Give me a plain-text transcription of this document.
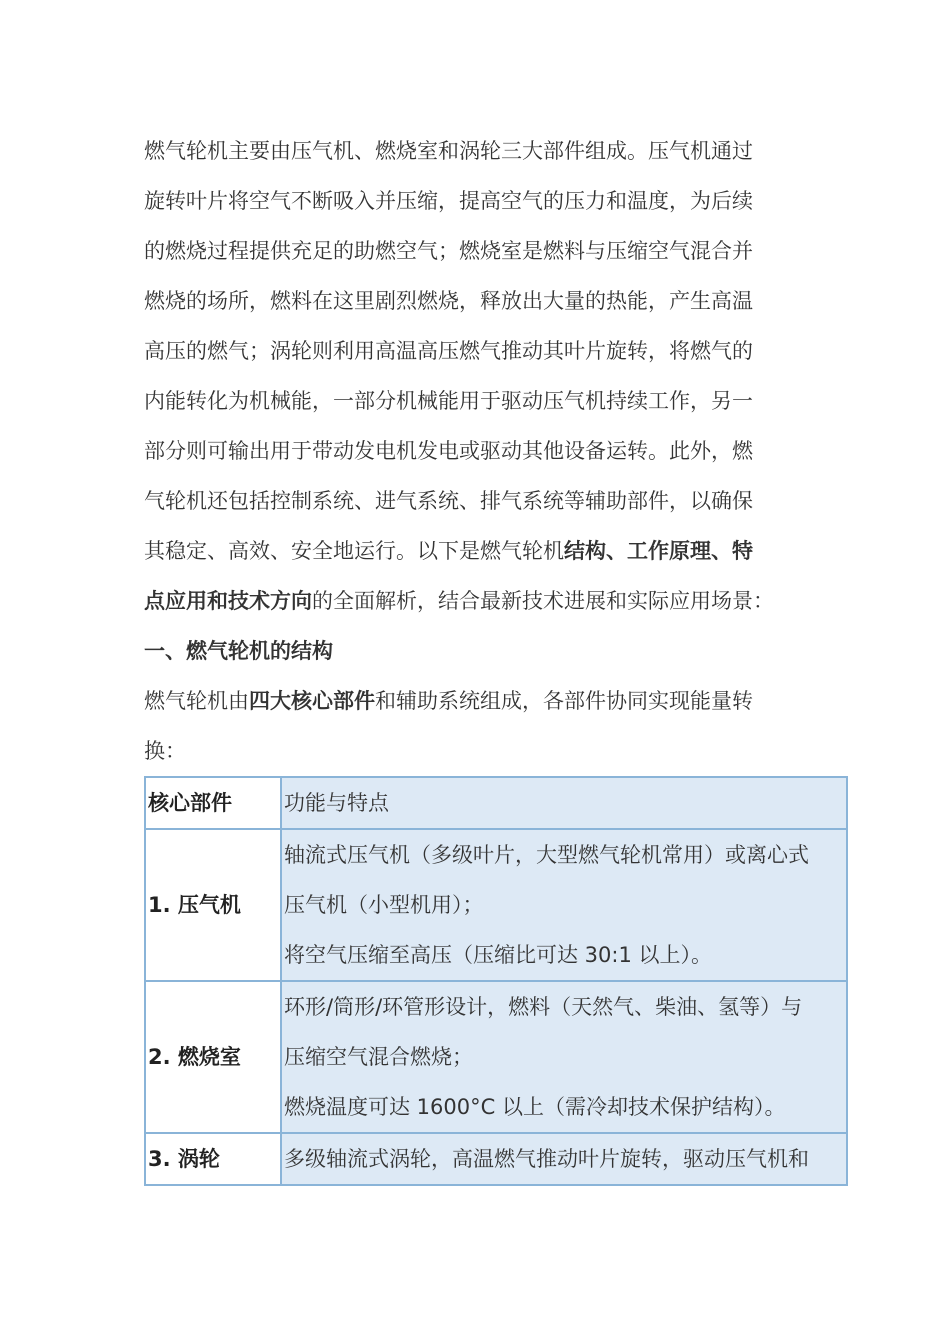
燃气轮机主要由压气机、燃烧室和涡轮三大部件组成。压气机通过
旋转叶片将空气不断吸入并压缩，提高空气的压力和温度，为后续
的燃烧过程提供充足的助燃空气；燃烧室是燃料与压缩空气混合并
燃烧的场所，燃料在这里剧烈燃烧，释放出大量的热能，产生高温
高压的燃气；涡轮则利用高温高压燃气推动其叶片旋转，将燃气的
内能转化为机械能，一部分机械能用于驱动压气机持续工作，另一
部分则可输出用于带动发电机发电或驱动其他设备运转。此外，燃
气轮机还包括控制系统、进气系统、排气系统等辅助部件，以确保
其稳定、高效、安全地运行。以下是燃气轮机结构、工作原理、特
点应用和技术方向的全面解析，结合最新技术进展和实际应用场景：

一、燃气轮机的结构

燃气轮机由四大核心部件和辅助系统组成，各部件协同实现能量转
换：

核心部件	功能与特点
1. 压气机	轴流式压气机（多级叶片，大型燃气轮机常用）或离心式
压气机（小型机用）；
将空气压缩至高压（压缩比可达 30:1 以上）。

2. 燃烧室	环形/筒形/环管形设计，燃料（天然气、柴油、氢等）与
压缩空气混合燃烧；
燃烧温度可达 1600°C 以上（需冷却技术保护结构）。

3. 涡轮	多级轴流式涡轮，高温燃气推动叶片旋转，驱动压气机和
